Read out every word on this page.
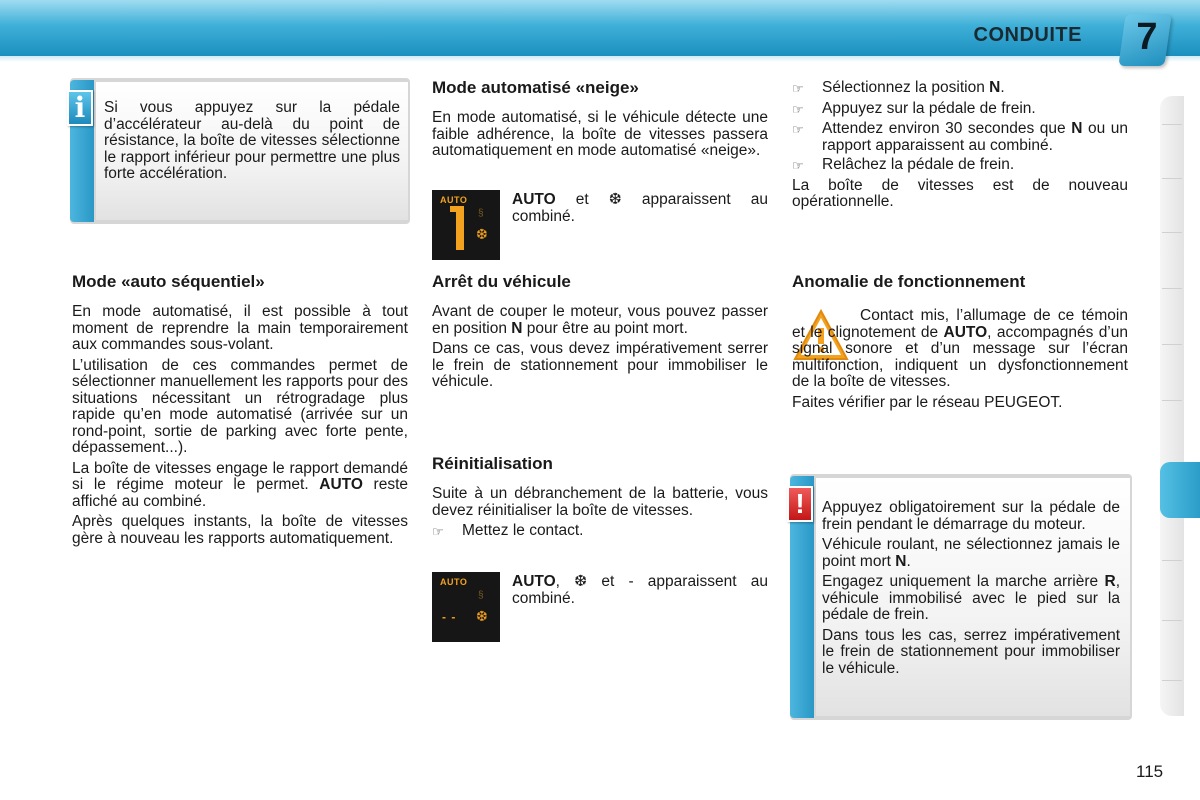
CONDUITE	7
i	Si vous appuyez sur la pédale d’accélérateur au-delà du point de résistance, la boîte de vitesses sélectionne le rapport inférieur pour permettre une plus forte accélération.
Mode «auto séquentiel»

En mode automatisé, il est possible à tout moment de reprendre la main temporairement aux commandes sous-volant.

L’utilisation de ces commandes permet de sélectionner manuellement les rapports pour des situations nécessitant un rétrogradage plus rapide qu’en mode automatisé (arrivée sur un rond-point, sortie de parking avec forte pente, dépassement...).

La boîte de vitesses engage le rapport demandé si le régime moteur le permet. AUTO reste affiché au combiné.

Après quelques instants, la boîte de vitesses gère à nouveau les rapports automatiquement.

Mode automatisé «neige»
En mode automatisé, si le véhicule détecte une faible adhérence, la boîte de vitesses passera automatiquement en mode automatisé «neige».
AUTO
§
❆
AUTO et ❆ apparaissent au combiné.
Arrêt du véhicule

Avant de couper le moteur, vous pouvez passer en position N pour être au point mort.

Dans ce cas, vous devez impérativement serrer le frein de stationnement pour immobiliser le véhicule.

Réinitialisation

Suite à un débranchement de la batterie, vous devez réinitialiser la boîte de vitesses.

☞	Mettez le contact.
AUTO
- -
§
❆
AUTO, ❆ et - apparaissent au combiné.
☞	Sélectionnez la position N.
☞	Appuyez sur la pédale de frein.
☞	Attendez environ 30 secondes que N ou un rapport apparaissent au combiné.
☞	Relâchez la pédale de frein.

La boîte de vitesses est de nouveau opérationnelle.

Anomalie de fonctionnement

Contact mis, l’allumage de ce témoin et le clignotement de AUTO, accompagnés d’un signal sonore et d’un message sur l’écran multifonction, indiquent un dysfonctionnement de la boîte de vitesses.

Faites vérifier par le réseau PEUGEOT.

!	Appuyez obligatoirement sur la pédale de frein pendant le démarrage du moteur.

Véhicule roulant, ne sélectionnez jamais le point mort N.

Engagez uniquement la marche arrière R, véhicule immobilisé avec le pied sur la pédale de frein.

Dans tous les cas, serrez impérativement le frein de stationnement pour immobiliser le véhicule.

115
